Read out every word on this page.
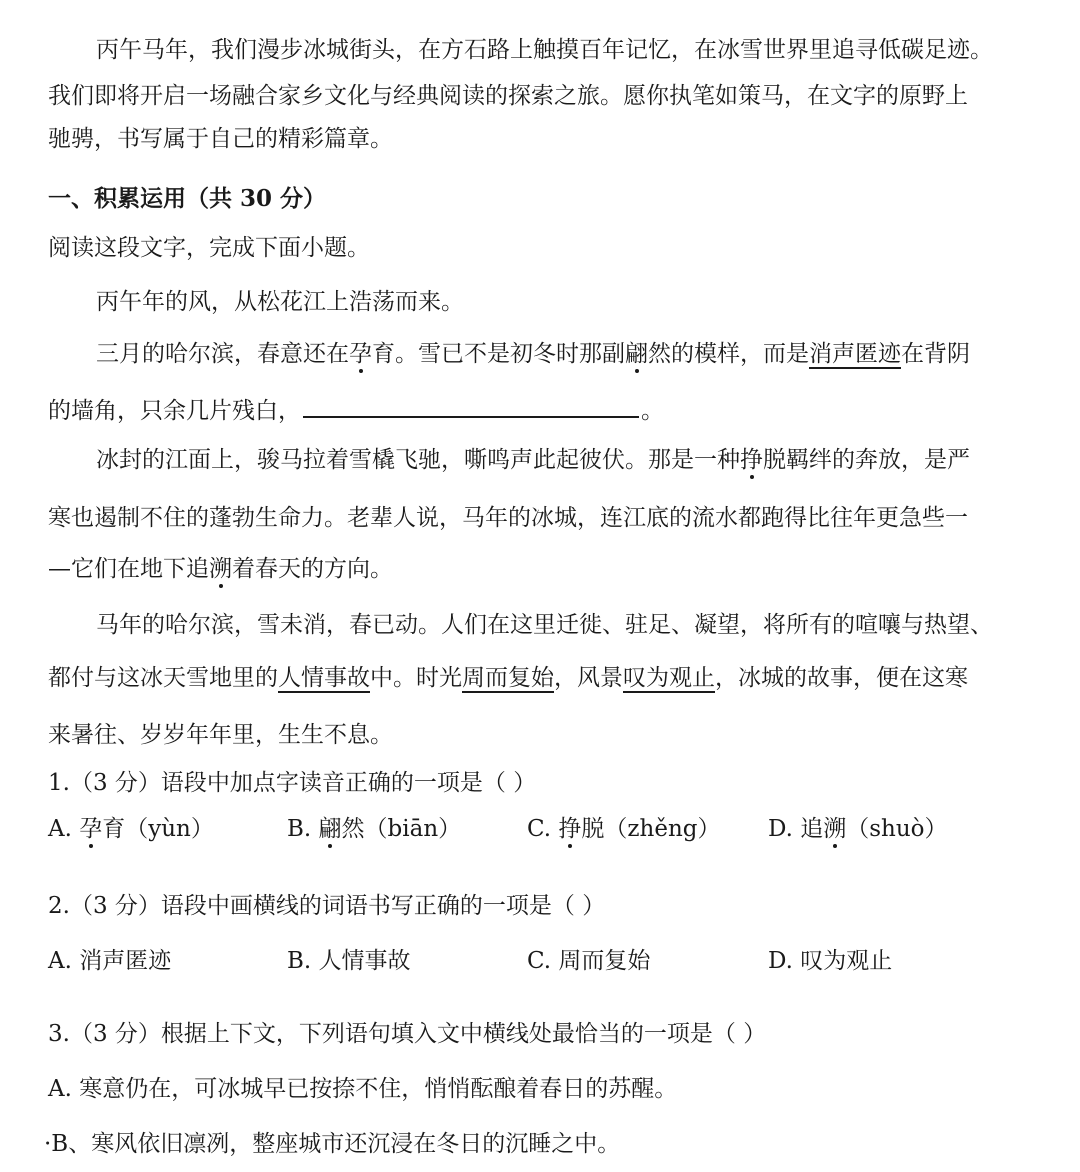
丙午马年，我们漫步冰城街头，在方石路上触摸百年记忆，在冰雪世界里追寻低碳足迹。
我们即将开启一场融合家乡文化与经典阅读的探索之旅。愿你执笔如策马，在文字的原野上
驰骋，书写属于自己的精彩篇章。
一、积累运用（共 30 分）
阅读这段文字，完成下面小题。
丙午年的风，从松花江上浩荡而来。
三月的哈尔滨，春意还在孕育。雪已不是初冬时那副翩然的模样，而是消声匿迹在背阴
的墙角，只余几片残白，	。
冰封的江面上，骏马拉着雪橇飞驰，嘶鸣声此起彼伏。那是一种挣脱羁绊的奔放，是严
寒也遏制不住的蓬勃生命力。老辈人说，马年的冰城，连江底的流水都跑得比往年更急些一
—它们在地下追溯着春天的方向。
马年的哈尔滨，雪未消，春已动。人们在这里迁徙、驻足、凝望，将所有的喧嚷与热望、
都付与这冰天雪地里的人情事故中。时光周而复始，风景叹为观止，冰城的故事，便在这寒
来暑往、岁岁年年里，生生不息。
1.（3 分）语段中加点字读音正确的一项是（ ）
A. 孕育（yùn）	B. 翩然（biān）	C. 挣脱（zhěng） D. 追溯（shuò）
2.（3 分）语段中画横线的词语书写正确的一项是（ ）
A. 消声匿迹	B. 人情事故	C. 周而复始	D. 叹为观止
3.（3 分）根据上下文，下列语句填入文中横线处最恰当的一项是（ ）
A. 寒意仍在，可冰城早已按捺不住，悄悄酝酿着春日的苏醒。
·B、寒风依旧凛冽，整座城市还沉浸在冬日的沉睡之中。
